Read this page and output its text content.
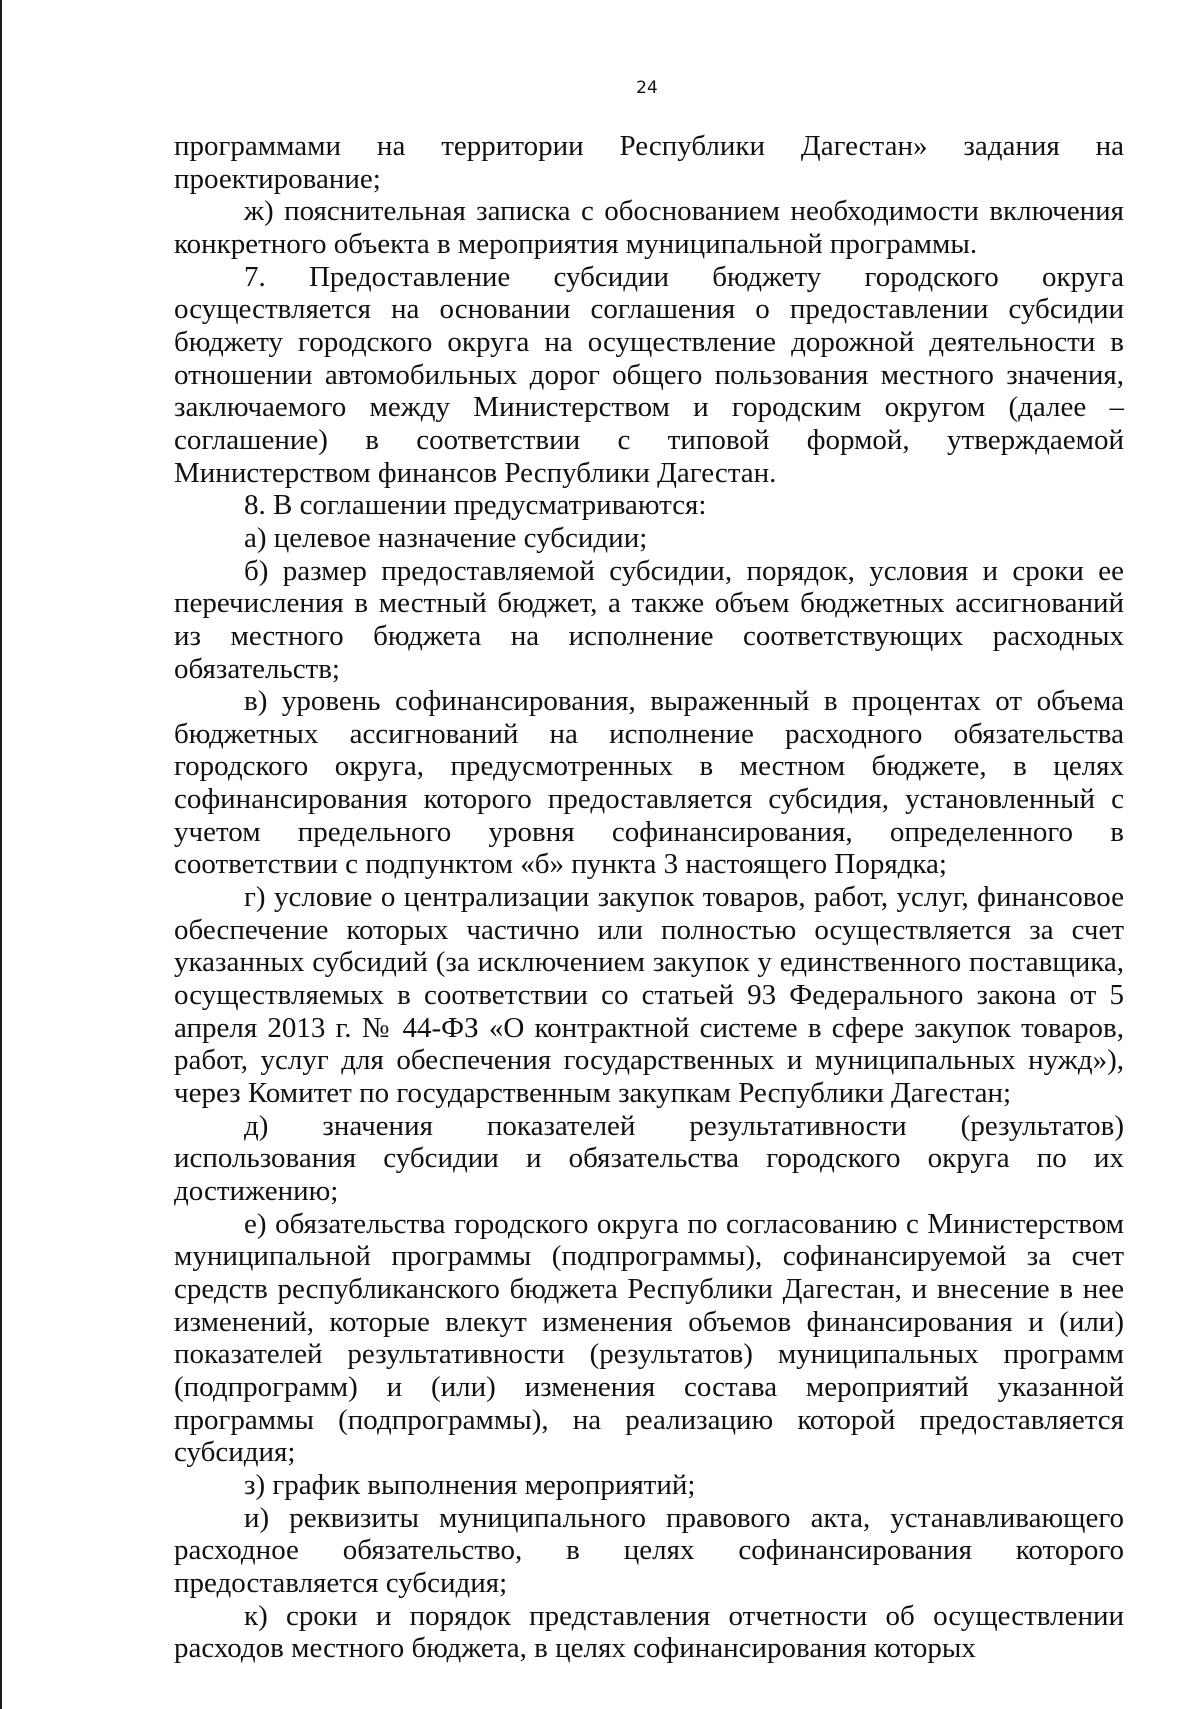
24

программами на территории Республики Дагестан» задания на проектирование;

ж) пояснительная записка с обоснованием необходимости включения конкретного объекта в мероприятия муниципальной программы.

7. Предоставление субсидии бюджету городского округа осуществляется на основании соглашения о предоставлении субсидии бюджету городского округа на осуществление дорожной деятельности в отношении автомобильных дорог общего пользования местного значения, заключаемого между Министерством и городским округом (далее – соглашение) в соответствии с типовой формой, утверждаемой Министерством финансов Республики Дагестан.

8. В соглашении предусматриваются:

а) целевое назначение субсидии;

б) размер предоставляемой субсидии, порядок, условия и сроки ее перечисления в местный бюджет, а также объем бюджетных ассигнований из местного бюджета на исполнение соответствующих расходных обязательств;

в) уровень софинансирования, выраженный в процентах от объема бюджетных ассигнований на исполнение расходного обязательства городского округа, предусмотренных в местном бюджете, в целях софинансирования которого предоставляется субсидия, установленный с учетом предельного уровня софинансирования, определенного в соответствии с подпунктом «б» пункта 3 настоящего Порядка;

г) условие о централизации закупок товаров, работ, услуг, финансовое обеспечение которых частично или полностью осуществляется за счет указанных субсидий (за исключением закупок у единственного поставщика, осуществляемых в соответствии со статьей 93 Федерального закона от 5 апреля 2013 г. № 44-ФЗ «О контрактной системе в сфере закупок товаров, работ, услуг для обеспечения государственных и муниципальных нужд»), через Комитет по государственным закупкам Республики Дагестан;

д) значения показателей результативности (результатов) использования субсидии и обязательства городского округа по их достижению;

е) обязательства городского округа по согласованию с Министерством муниципальной программы (подпрограммы), софинансируемой за счет средств республиканского бюджета Республики Дагестан, и внесение в нее изменений, которые влекут изменения объемов финансирования и (или) показателей результативности (результатов) муниципальных программ (подпрограмм) и (или) изменения состава мероприятий указанной программы (подпрограммы), на реализацию которой предоставляется субсидия;

з) график выполнения мероприятий;

и) реквизиты муниципального правового акта, устанавливающего расходное обязательство, в целях софинансирования которого предоставляется субсидия;

к) сроки и порядок представления отчетности об осуществлении расходов местного бюджета, в целях софинансирования которых
